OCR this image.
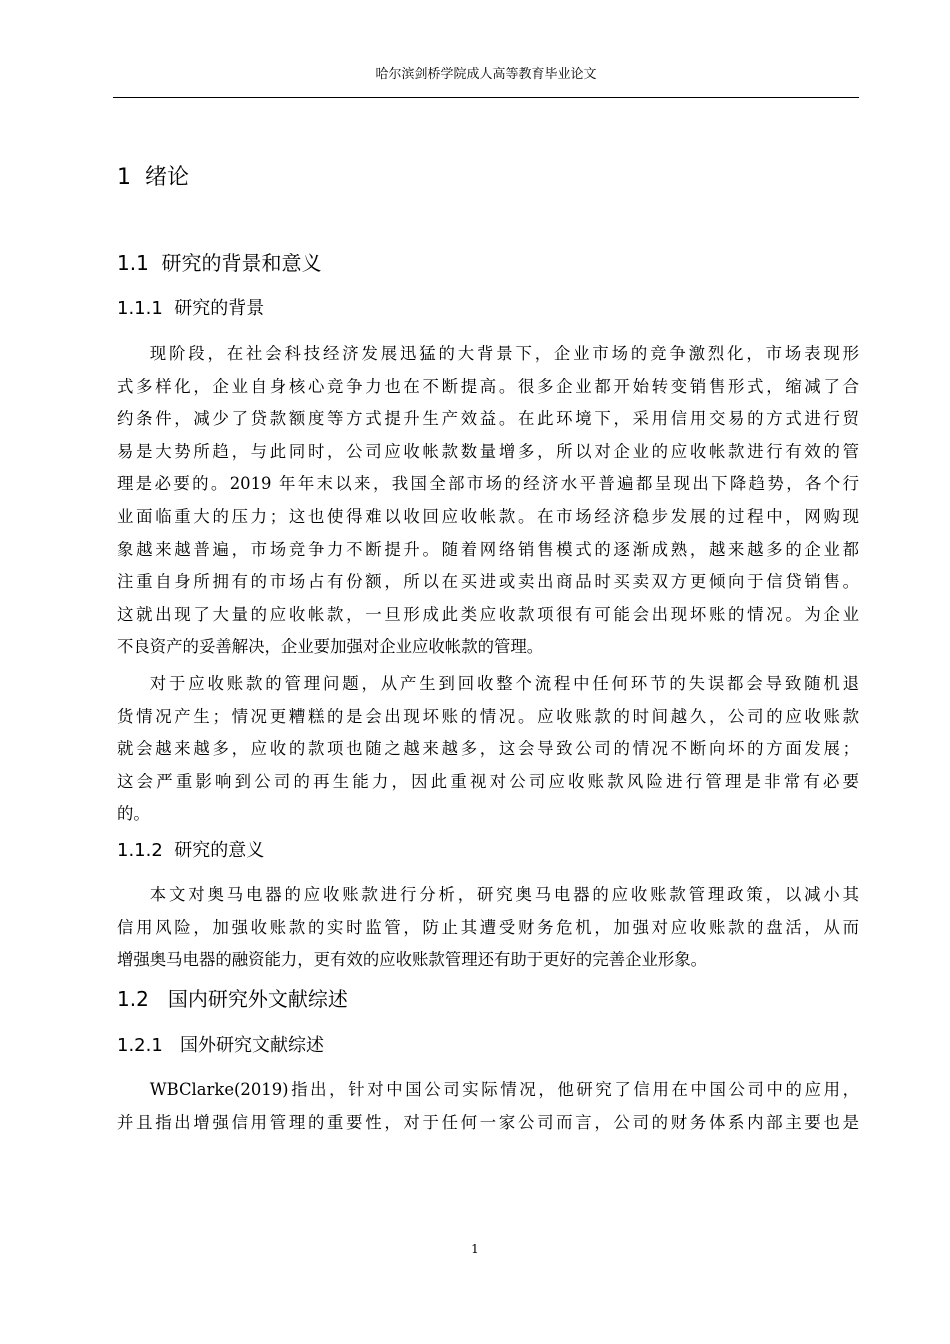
哈尔滨剑桥学院成人高等教育毕业论文
1  绪论
1.1  研究的背景和意义
1.1.1  研究的背景
现阶段，在社会科技经济发展迅猛的大背景下，企业市场的竞争激烈化，市场表现形
式多样化，企业自身核心竞争力也在不断提高。很多企业都开始转变销售形式，缩减了合
约条件，减少了贷款额度等方式提升生产效益。在此环境下，采用信用交易的方式进行贸
易是大势所趋，与此同时，公司应收帐款数量增多，所以对企业的应收帐款进行有效的管
理是必要的。2019 年年末以来，我国全部市场的经济水平普遍都呈现出下降趋势，各个行
业面临重大的压力；这也使得难以收回应收帐款。在市场经济稳步发展的过程中，网购现
象越来越普遍，市场竞争力不断提升。随着网络销售模式的逐渐成熟，越来越多的企业都
注重自身所拥有的市场占有份额，所以在买进或卖出商品时买卖双方更倾向于信贷销售。
这就出现了大量的应收帐款，一旦形成此类应收款项很有可能会出现坏账的情况。为企业
不良资产的妥善解决，企业要加强对企业应收帐款的管理。
对于应收账款的管理问题，从产生到回收整个流程中任何环节的失误都会导致随机退
货情况产生；情况更糟糕的是会出现坏账的情况。应收账款的时间越久，公司的应收账款
就会越来越多，应收的款项也随之越来越多，这会导致公司的情况不断向坏的方面发展；
这会严重影响到公司的再生能力，因此重视对公司应收账款风险进行管理是非常有必要
的。
1.1.2  研究的意义
本文对奥马电器的应收账款进行分析，研究奥马电器的应收账款管理政策，以减小其
信用风险，加强收账款的实时监管，防止其遭受财务危机，加强对应收账款的盘活，从而
增强奥马电器的融资能力，更有效的应收账款管理还有助于更好的完善企业形象。
1.2   国内研究外文献综述
1.2.1   国外研究文献综述
WBClarke(2019)指出，针对中国公司实际情况，他研究了信用在中国公司中的应用，
并且指出增强信用管理的重要性，对于任何一家公司而言，公司的财务体系内部主要也是
1
